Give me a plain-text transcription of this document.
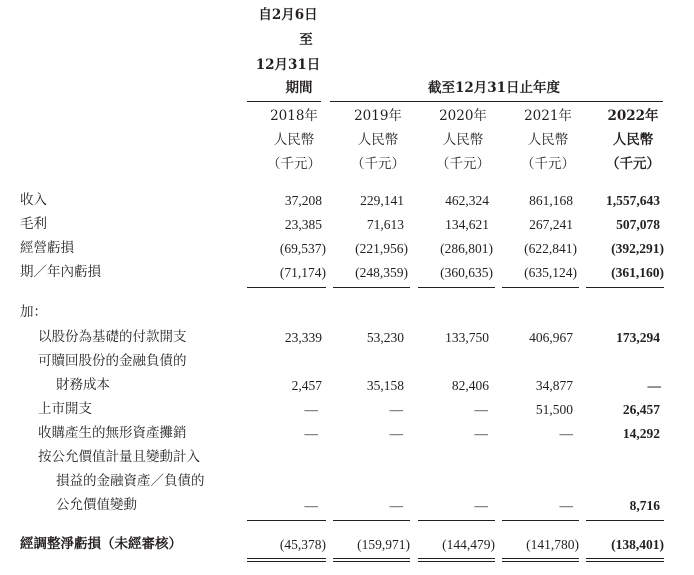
自2月6日
至
12月31日
期間	截至12月31日止年度
2018年	2019年	2020年	2021年	2022年
人民幣	人民幣	人民幣	人民幣	人民幣
（千元） （千元） （千元） （千元） （千元）
收入	37,208	229,141	462,324	861,168 1,557,643
毛利	23,385	71,613	134,621	267,241	507,078
經營虧損	(69,537) (221,956) (286,801) (622,841)	(392,291)
期／年內虧損	(71,174) (248,359) (360,635) (635,124)	(361,160)
加：
以股份為基礎的付款開支	23,339	53,230	133,750	406,967	173,294
可贖回股份的金融負債的
財務成本	2,457	35,158	82,406	34,877	—
上市開支	—	—	—	51,500	26,457
收購產生的無形資產攤銷	—	—	—	—	14,292
按公允價值計量且變動計入
損益的金融資產／負債的
公允價值變動	—	—	—	—	8,716
經調整淨虧損（未經審核）	(45,378) (159,971) (144,479) (141,780) (138,401)
